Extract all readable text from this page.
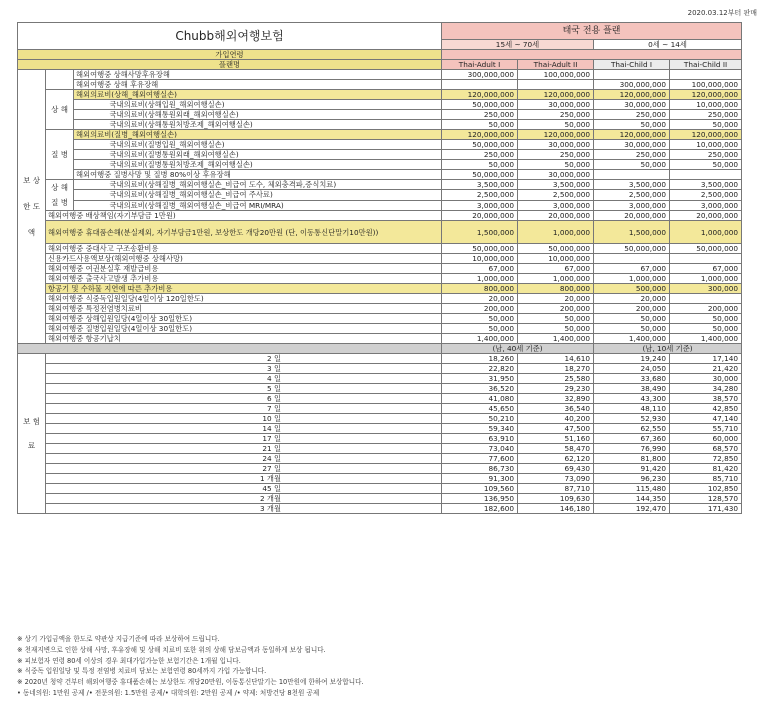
2020.03.12부터 판매
Chubb해외여행보험				태국 전용 플랜			
				15세 ~ 70세		0세 ~ 14세	
가입연령							
플랜명				Thai-Adult I	Thai-Adult II	Thai-Child I	Thai-Child II
보 상 한 도 액		해외여행중 상해사망후유장해		300,000,000	100,000,000		
		해외여행중 상해 후유장해				300,000,000	100,000,000
	상 해	해외의료비(상해_해외여행실손)		120,000,000	120,000,000	120,000,000	120,000,000
			국내의료비(상해입원_해외여행실손)	50,000,000	30,000,000	30,000,000	10,000,000
			국내의료비(상해통원외래_해외여행실손)	250,000	250,000	250,000	250,000
			국내의료비(상해통원처방조제_해외여행실손)	50,000	50,000	50,000	50,000
	질 병	해외의료비(질병_해외여행실손)		120,000,000	120,000,000	120,000,000	120,000,000
			국내의료비(질병입원_해외여행실손)	50,000,000	30,000,000	30,000,000	10,000,000
			국내의료비(질병통원외래_해외여행실손)	250,000	250,000	250,000	250,000
			국내의료비(질병통원처방조제_해외여행실손)	50,000	50,000	50,000	50,000
		해외여행중 질병사망 및 질병 80%이상 후유장해		50,000,000	30,000,000		
	상 해 질 병		국내의료비(상해질병_해외여행실손_비급여 도수, 체외충격파,증식치료)	3,500,000	3,500,000	3,500,000	3,500,000
			국내의료비(상해질병_해외여행실손_비급여 주사료)	2,500,000	2,500,000	2,500,000	2,500,000
			국내의료비(상해질병_해외여행실손_비급여 MRI/MRA)	3,000,000	3,000,000	3,000,000	3,000,000
	해외여행중 배상책임(자기부담금 1만원)			20,000,000	20,000,000	20,000,000	20,000,000
	해외여행중 휴대품손해(분실제외, 자기부담금1만원, 보상한도 개당20만원 (단, 이동통신단말기10만원))			1,500,000	1,000,000	1,500,000	1,000,000
	해외여행중 중대사고 구조송환비용			50,000,000	50,000,000	50,000,000	50,000,000
	신용카드사용액보상(해외여행중 상해사망)			10,000,000	10,000,000		
	해외여행중 여권분실후 재발급비용			67,000	67,000	67,000	67,000
	해외여행중 출국사고발생 추가비용			1,000,000	1,000,000	1,000,000	1,000,000
	항공기 및 수하물 지연에 따른 추가비용			800,000	800,000	500,000	300,000
	해외여행중 식중독입원일당(4일이상 120일한도)			20,000	20,000	20,000	
	해외여행중 특정전염병치료비			200,000	200,000	200,000	200,000
	해외여행중 상해입원일당(4일이상 30일한도)			50,000	50,000	50,000	50,000
	해외여행중 질병입원일당(4일이상 30일한도)			50,000	50,000	50,000	50,000
	해외여행중 항공기납치			1,400,000	1,400,000	1,400,000	1,400,000
				(남, 40세 기준)		(남, 10세 기준)	
보 험 료	2 일			18,260	14,610	19,240	17,140
	3 일			22,820	18,270	24,050	21,420
	4 일			31,950	25,580	33,680	30,000
	5 일			36,520	29,230	38,490	34,280
	6 일			41,080	32,890	43,300	38,570
	7 일			45,650	36,540	48,110	42,850
	10 일			50,210	40,200	52,930	47,140
	14 일			59,340	47,500	62,550	55,710
	17 일			63,910	51,160	67,360	60,000
	21 일			73,040	58,470	76,990	68,570
	24 일			77,600	62,120	81,800	72,850
	27 일			86,730	69,430	91,420	81,420
	1 개월			91,300	73,090	96,230	85,710
	45 일			109,560	87,710	115,480	102,850
	2 개월			136,950	109,630	144,350	128,570
	3 개월			182,600	146,180	192,470	171,430
※ 상기 가입금액을 한도로 약관상 지급기준에 따라 보상하여 드립니다.
※ 천재지변으로 인한 상해 사망, 후유장해 및 상해 치료비 또한 위의 상해 담보금액과 동일하게 보상 됩니다.
※ 피보험자 연령 80세 이상의 경우 최대가입가능한 보험기간은 1개월 입니다.
※ 식중독 입원일당 및 특정 전염병 치료비 담보는 보험연령 80세까지 가입 가능합니다.
※ 2020년 청약 건부터 해외여행중 휴대품손해는 보상한도 개당20만원, 이동통신단말기는 10만원에 한하여 보상합니다.
• 동네의원: 1만원 공제 /• 전문의원: 1.5만원 공제/• 대학의원: 2만원 공제 /• 약제: 처방건당 8천원 공제
